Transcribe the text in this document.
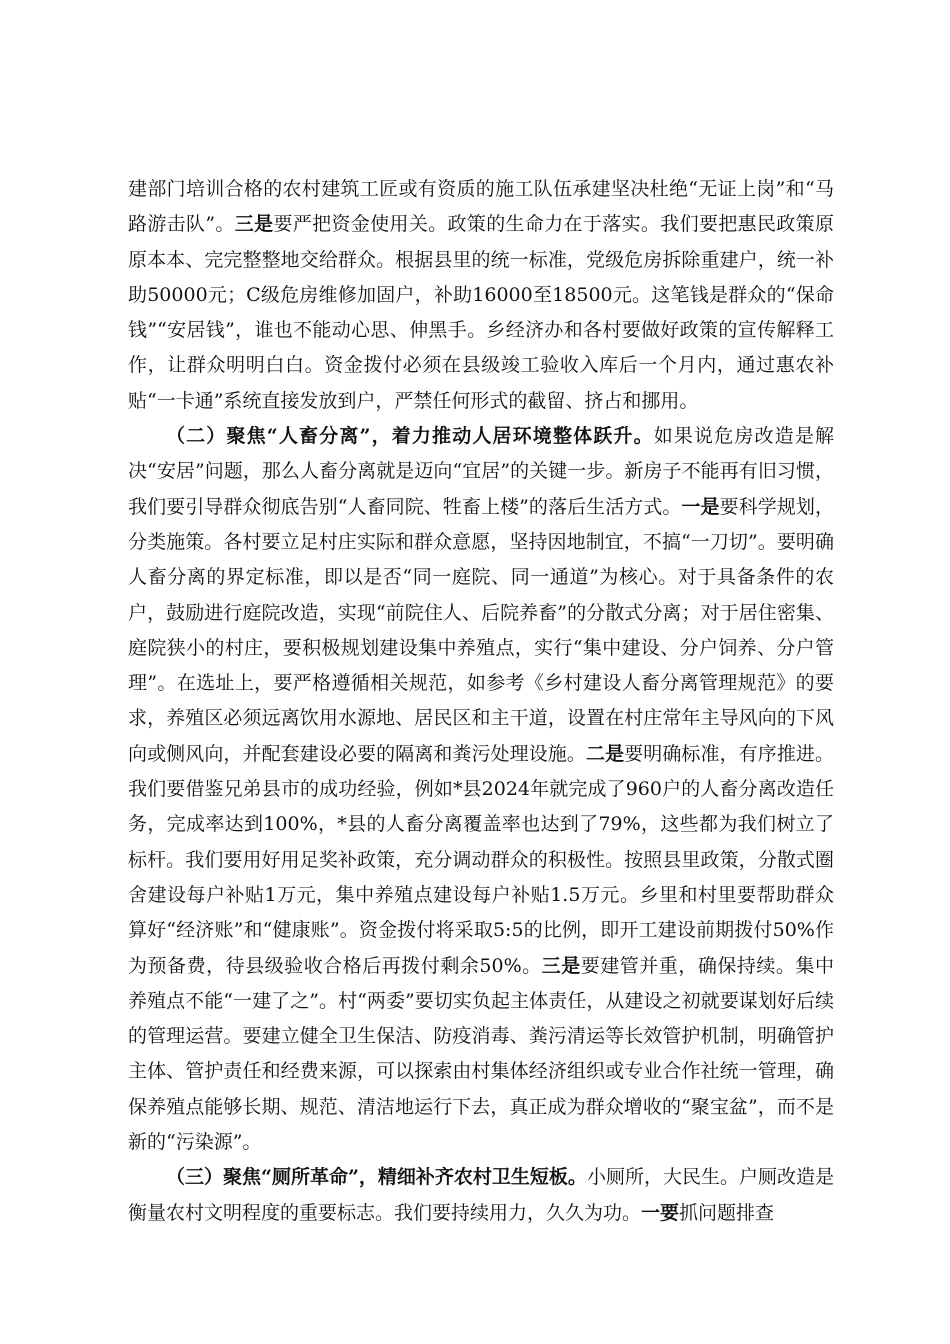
建部门培训合格的农村建筑工匠或有资质的施工队伍承建坚决杜绝“无证上岗”和“马路游击队”。三是要严把资金使用关。政策的生命力在于落实。我们要把惠民政策原原本本、完完整整地交给群众。根据县里的统一标准，党级危房拆除重建户，统一补助50000元；C级危房维修加固户，补助16000至18500元。这笔钱是群众的“保命钱”“安居钱”，谁也不能动心思、伸黑手。乡经济办和各村要做好政策的宣传解释工作，让群众明明白白。资金拨付必须在县级竣工验收入库后一个月内，通过惠农补贴“一卡通”系统直接发放到户，严禁任何形式的截留、挤占和挪用。

（二）聚焦“人畜分离”，着力推动人居环境整体跃升。如果说危房改造是解决“安居”问题，那么人畜分离就是迈向“宜居”的关键一步。新房子不能再有旧习惯，我们要引导群众彻底告别“人畜同院、牲畜上楼”的落后生活方式。一是要科学规划，分类施策。各村要立足村庄实际和群众意愿，坚持因地制宜，不搞“一刀切”。要明确人畜分离的界定标准，即以是否“同一庭院、同一通道”为核心。对于具备条件的农户，鼓励进行庭院改造，实现“前院住人、后院养畜”的分散式分离；对于居住密集、庭院狭小的村庄，要积极规划建设集中养殖点，实行“集中建设、分户饲养、分户管理”。在选址上，要严格遵循相关规范，如参考《乡村建设人畜分离管理规范》的要求，养殖区必须远离饮用水源地、居民区和主干道，设置在村庄常年主导风向的下风向或侧风向，并配套建设必要的隔离和粪污处理设施。二是要明确标准，有序推进。我们要借鉴兄弟县市的成功经验，例如*县2024年就完成了960户的人畜分离改造任务，完成率达到100%，*县的人畜分离覆盖率也达到了79%，这些都为我们树立了标杆。我们要用好用足奖补政策，充分调动群众的积极性。按照县里政策，分散式圈舍建设每户补贴1万元，集中养殖点建设每户补贴1.5万元。乡里和村里要帮助群众算好“经济账”和“健康账”。资金拨付将采取5:5的比例，即开工建设前期拨付50%作为预备费，待县级验收合格后再拨付剩余50%。三是要建管并重，确保持续。集中养殖点不能“一建了之”。村“两委”要切实负起主体责任，从建设之初就要谋划好后续的管理运营。要建立健全卫生保洁、防疫消毒、粪污清运等长效管护机制，明确管护主体、管护责任和经费来源，可以探索由村集体经济组织或专业合作社统一管理，确保养殖点能够长期、规范、清洁地运行下去，真正成为群众增收的“聚宝盆”，而不是新的“污染源”。

（三）聚焦“厕所革命”，精细补齐农村卫生短板。小厕所，大民生。户厕改造是衡量农村文明程度的重要标志。我们要持续用力，久久为功。一要抓问题排查
